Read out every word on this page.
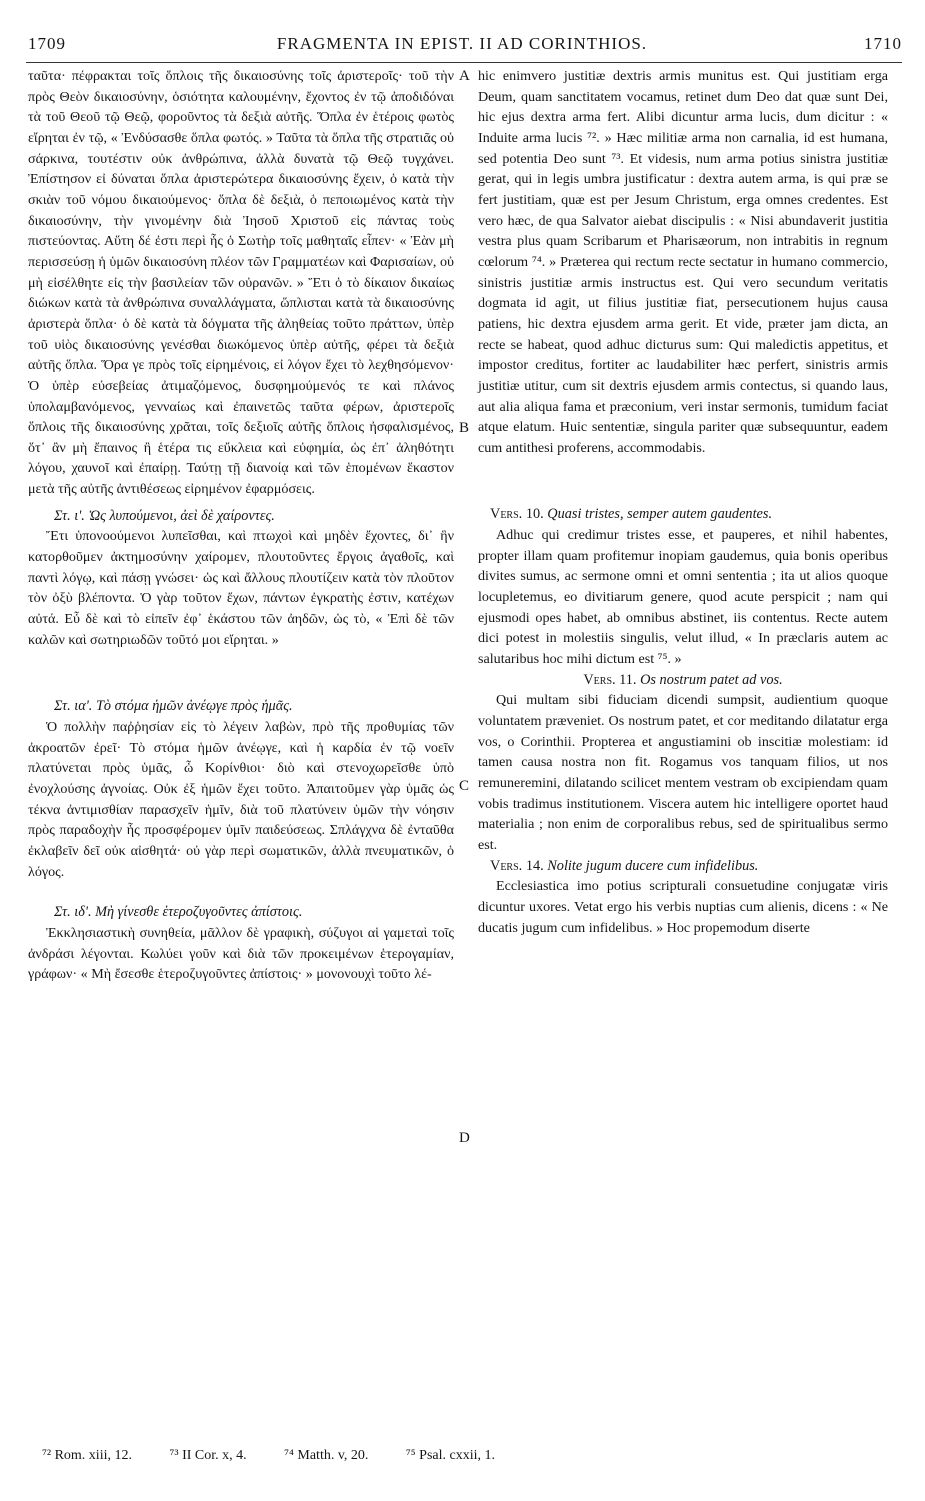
1709	FRAGMENTA IN EPIST. II AD CORINTHIOS.	1710

ταῦτα· πέφρακται τοῖς ὅπλοις τῆς δικαιοσύνης τοῖς ἀριστεροῖς· τοῦ τὴν πρὸς Θεὸν δικαιοσύνην, ὁσιότητα καλουμένην, ἔχοντος ἐν τῷ ἀποδιδόναι τὰ τοῦ Θεοῦ τῷ Θεῷ, φοροῦντος τὰ δεξιὰ αὐτῆς. Ὅπλα ἐν ἑτέροις φωτὸς εἴρηται ἐν τῷ, « Ἐνδύσασθε ὅπλα φωτός. » Ταῦτα τὰ ὅπλα τῆς στρατιᾶς οὐ σάρκινα, τουτέστιν οὐκ ἀνθρώπινα, ἀλλὰ δυνατὰ τῷ Θεῷ τυγχάνει. Ἐπίστησον εἰ δύναται ὅπλα ἀριστερώτερα δικαιοσύνης ἔχειν, ὁ κατὰ τὴν σκιὰν τοῦ νόμου δικαιούμενος· ὅπλα δὲ δεξιὰ, ὁ πεποιωμένος κατὰ τὴν δικαιοσύνην, τὴν γινομένην διὰ Ἰησοῦ Χριστοῦ εἰς πάντας τοὺς πιστεύοντας. Αὕτη δέ ἐστι περὶ ἧς ὁ Σωτὴρ τοῖς μαθηταῖς εἶπεν· « Ἐὰν μὴ περισσεύσῃ ἡ ὑμῶν δικαιοσύνη πλέον τῶν Γραμματέων καὶ Φαρισαίων, οὐ μὴ εἰσέλθητε εἰς τὴν βασιλείαν τῶν οὐρανῶν. » Ἔτι ὁ τὸ δίκαιον δικαίως διώκων κατὰ τὰ ἀνθρώπινα συναλλάγματα, ὥπλισται κατὰ τὰ δικαιοσύνης ἀριστερὰ ὅπλα· ὁ δὲ κατὰ τὰ δόγματα τῆς ἀληθείας τοῦτο πράττων, ὑπὲρ τοῦ υἱὸς δικαιοσύνης γενέσθαι διωκόμενος ὑπὲρ αὐτῆς, φέρει τὰ δεξιὰ αὐτῆς ὅπλα. Ὅρα γε πρὸς τοῖς εἰρημένοις, εἰ λόγον ἔχει τὸ λεχθησόμενον· Ὁ ὑπὲρ εὐσεβείας ἀτιμαζόμενος, δυσφημούμενός τε καὶ πλάνος ὑπολαμβανόμενος, γενναίως καὶ ἐπαινετῶς ταῦτα φέρων, ἀριστεροῖς ὅπλοις τῆς δικαιοσύνης χρᾶται, τοῖς δεξιοῖς αὐτῆς ὅπλοις ἠσφαλισμένος, ὅτ᾽ ἂν μὴ ἔπαινος ἢ ἑτέρα τις εὔκλεια καὶ εὐφημία, ὡς ἐπ᾽ ἀληθότητι λόγου, χαυνοῖ καὶ ἐπαίρῃ. Ταύτῃ τῇ διανοίᾳ καὶ τῶν ἑπομένων ἕκαστον μετὰ τῆς αὐτῆς ἀντιθέσεως εἰρημένον ἐφαρμόσεις.

Στ. ι'. Ὡς λυπούμενοι, ἀεὶ δὲ χαίροντες.

Ἔτι ὑπονοούμενοι λυπεῖσθαι, καὶ πτωχοὶ καὶ μηδὲν ἔχοντες, δι᾽ ἣν κατορθοῦμεν ἀκτημοσύνην χαίρομεν, πλουτοῦντες ἔργοις ἀγαθοῖς, καὶ παντὶ λόγῳ, καὶ πάσῃ γνώσει· ὡς καὶ ἄλλους πλουτίζειν κατὰ τὸν πλοῦτον τὸν ὀξὺ βλέποντα. Ὁ γὰρ τοῦτον ἔχων, πάντων ἐγκρατὴς ἐστιν, κατέχων αὐτά. Εὖ δὲ καὶ τὸ εἰπεῖν ἐφ᾽ ἑκάστου τῶν ἀηδῶν, ὡς τὸ, « Ἐπὶ δὲ τῶν καλῶν καὶ σωτηριωδῶν τοῦτό μοι εἴρηται. »

Στ. ια'. Τὸ στόμα ἡμῶν ἀνέῳγε πρὸς ἡμᾶς.

Ὁ πολλὴν παῤῥησίαν εἰς τὸ λέγειν λαβὼν, πρὸ τῆς προθυμίας τῶν ἀκροατῶν ἐρεῖ· Τὸ στόμα ἡμῶν ἀνέῳγε, καὶ ἡ καρδία ἐν τῷ νοεῖν πλατύνεται πρὸς ὑμᾶς, ὦ Κορίνθιοι· διὸ καὶ στενοχωρεῖσθε ὑπὸ ἐνοχλούσης ἀγνοίας. Οὐκ ἐξ ἡμῶν ἔχει τοῦτο. Ἀπαιτοῦμεν γὰρ ὑμᾶς ὡς τέκνα ἀντιμισθίαν παρασχεῖν ἡμῖν, διὰ τοῦ πλατύνειν ὑμῶν τὴν νόησιν πρὸς παραδοχὴν ἧς προσφέρομεν ὑμῖν παιδεύσεως. Σπλάγχνα δὲ ἐνταῦθα ἐκλαβεῖν δεῖ οὐκ αἰσθητά· οὐ γὰρ περὶ σωματικῶν, ἀλλὰ πνευματικῶν, ὁ λόγος.

Στ. ιδ'. Μὴ γίνεσθε ἑτεροζυγοῦντες ἀπίστοις.

Ἐκκλησιαστικὴ συνηθεία, μᾶλλον δὲ γραφικὴ, σύζυγοι αἱ γαμεταὶ τοῖς ἀνδράσι λέγονται. Κωλύει γοῦν καὶ διὰ τῶν προκειμένων ἑτερογαμίαν, γράφων· « Μὴ ἔσεσθε ἑτεροζυγοῦντες ἀπίστοις· » μονονουχὶ τοῦτο λέ-

A
B
C
D

hic enimvero justitiæ dextris armis munitus est. Qui justitiam erga Deum, quam sanctitatem vocamus, retinet dum Deo dat quæ sunt Dei, hic ejus dextra arma fert. Alibi dicuntur arma lucis, dum dicitur : « Induite arma lucis ⁷². » Hæc militiæ arma non carnalia, id est humana, sed potentia Deo sunt ⁷³. Et videsis, num arma potius sinistra justitiæ gerat, qui in legis umbra justificatur : dextra autem arma, is qui præ se fert justitiam, quæ est per Jesum Christum, erga omnes credentes. Est vero hæc, de qua Salvator aiebat discipulis : « Nisi abundaverit justitia vestra plus quam Scribarum et Pharisæorum, non intrabitis in regnum cœlorum ⁷⁴. » Præterea qui rectum recte sectatur in humano commercio, sinistris justitiæ armis instructus est. Qui vero secundum veritatis dogmata id agit, ut filius justitiæ fiat, persecutionem hujus causa patiens, hic dextra ejusdem arma gerit. Et vide, præter jam dicta, an recte se habeat, quod adhuc dicturus sum: Qui maledictis appetitus, et impostor creditus, fortiter ac laudabiliter hæc perfert, sinistris armis justitiæ utitur, cum sit dextris ejusdem armis contectus, si quando laus, aut alia aliqua fama et præconium, veri instar sermonis, tumidum faciat atque elatum. Huic sententiæ, singula pariter quæ subsequuntur, eadem cum antithesi proferens, accommodabis.

Vers. 10. Quasi tristes, semper autem gaudentes.

Adhuc qui credimur tristes esse, et pauperes, et nihil habentes, propter illam quam profitemur inopiam gaudemus, quia bonis operibus divites sumus, ac sermone omni et omni sententia ; ita ut alios quoque locupletemus, eo divitiarum genere, quod acute perspicit ; nam qui ejusmodi opes habet, ab omnibus abstinet, iis contentus. Recte autem dici potest in molestiis singulis, velut illud, « In præclaris autem ac salutaribus hoc mihi dictum est ⁷⁵. »

Vers. 11. Os nostrum patet ad vos.

Qui multam sibi fiduciam dicendi sumpsit, audientium quoque voluntatem præveniet. Os nostrum patet, et cor meditando dilatatur erga vos, o Corinthii. Propterea et angustiamini ob inscitiæ molestiam: id tamen causa nostra non fit. Rogamus vos tanquam filios, ut nos remuneremini, dilatando scilicet mentem vestram ob excipiendam quam vobis tradimus institutionem. Viscera autem hic intelligere oportet haud materialia ; non enim de corporalibus rebus, sed de spiritualibus sermo est.

Vers. 14. Nolite jugum ducere cum infidelibus.

Ecclesiastica imo potius scripturali consuetudine conjugatæ viris dicuntur uxores. Vetat ergo his verbis nuptias cum alienis, dicens : « Ne ducatis jugum cum infidelibus. » Hoc propemodum diserte

⁷² Rom. xiii, 12.	⁷³ II Cor. x, 4.	⁷⁴ Matth. v, 20.	⁷⁵ Psal. cxxii, 1.
